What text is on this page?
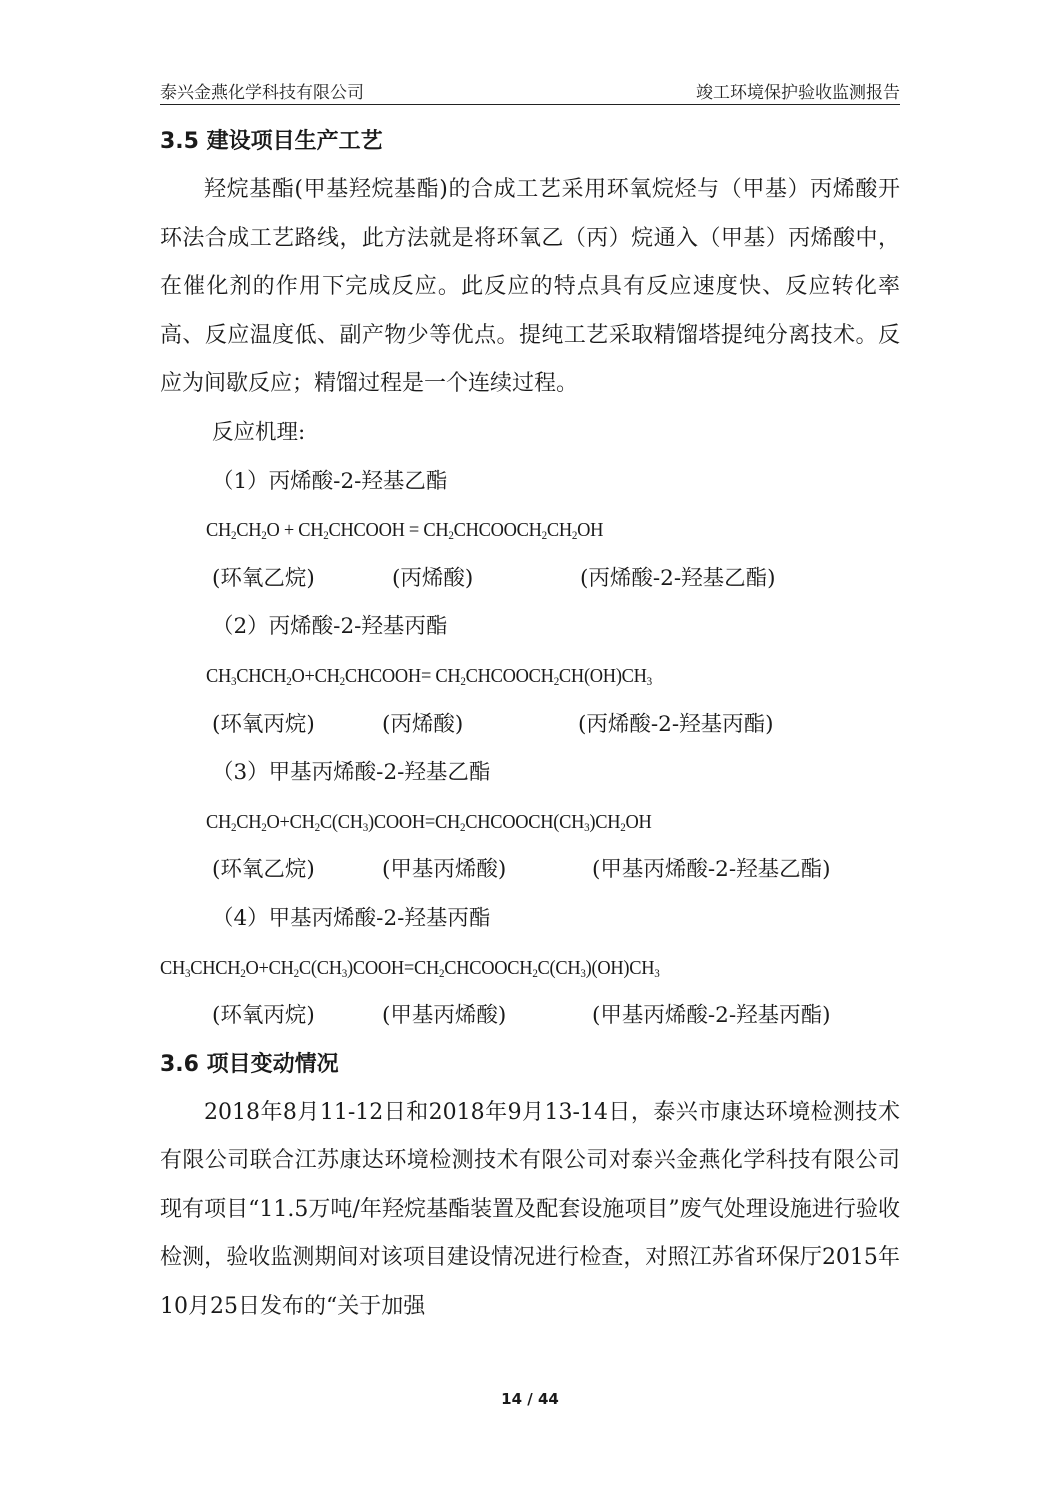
泰兴金燕化学科技有限公司	竣工环境保护验收监测报告
3.5 建设项目生产工艺

羟烷基酯(甲基羟烷基酯)的合成工艺采用环氧烷烃与（甲基）丙烯酸开环法合成工艺路线，此方法就是将环氧乙（丙）烷通入（甲基）丙烯酸中，在催化剂的作用下完成反应。此反应的特点具有反应速度快、反应转化率高、反应温度低、副产物少等优点。提纯工艺采取精馏塔提纯分离技术。反应为间歇反应；精馏过程是一个连续过程。

反应机理:
（1）丙烯酸-2-羟基乙酯
$CH_2CH_2O$ + $CH_2CHCOOH$ = $CH_2CHCOOCH_2CH_2OH$

(环氧乙烷)

	(丙烯酸)

	(丙烯酸-2-羟基乙酯)

（2）丙烯酸-2-羟基丙酯
$CH_3CHCH_2O+CH_2CHCOOH=$ $CH_2CHCOOCH_2CH(OH)CH_3$

(环氧丙烷)

	(丙烯酸)

	(丙烯酸-2-羟基丙酯)

（3）甲基丙烯酸-2-羟基乙酯
$CH_2CH_2O+CH_2C(CH_3)COOH=CH_2CHCOOCH(CH_3)CH_2OH$

(环氧乙烷)

	(甲基丙烯酸)

	(甲基丙烯酸-2-羟基乙酯)

（4）甲基丙烯酸-2-羟基丙酯
$CH_3CHCH_2O+CH_2C(CH_3)COOH=CH_2CHCOOCH_2C(CH_3)(OH)CH_3$

(环氧丙烷)

	(甲基丙烯酸)

	(甲基丙烯酸-2-羟基丙酯)

3.6 项目变动情况

2018年8月11-12日和2018年9月13-14日，泰兴市康达环境检测技术有限公司联合江苏康达环境检测技术有限公司对泰兴金燕化学科技有限公司现有项目“11.5万吨/年羟烷基酯装置及配套设施项目”废气处理设施进行验收检测，验收监测期间对该项目建设情况进行检查，对照江苏省环保厅2015年10月25日发布的“关于加强

14 / 44
